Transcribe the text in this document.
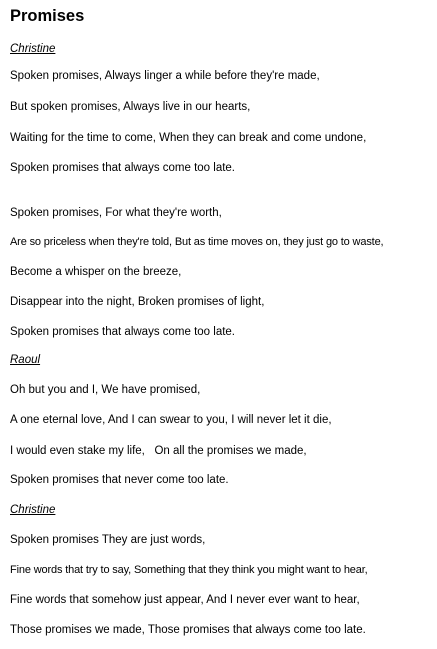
Promises
Christine
Spoken promises, Always linger a while before they're made,
But spoken promises, Always live in our hearts,
Waiting for the time to come, When they can break and come undone,
Spoken promises that always come too late.
Spoken promises, For what they're worth,
Are so priceless when they're told, But as time moves on, they just go to waste,
Become a whisper on the breeze,
Disappear into the night, Broken promises of light,
Spoken promises that always come too late.
Raoul
Oh but you and I, We have promised,
A one eternal love, And I can swear to you, I will never let it die,
I would even stake my life,   On all the promises we made,
Spoken promises that never come too late.
Christine
Spoken promises They are just words,
Fine words that try to say, Something that they think you might want to hear,
Fine words that somehow just appear, And I never ever want to hear,
Those promises we made, Those promises that always come too late.
